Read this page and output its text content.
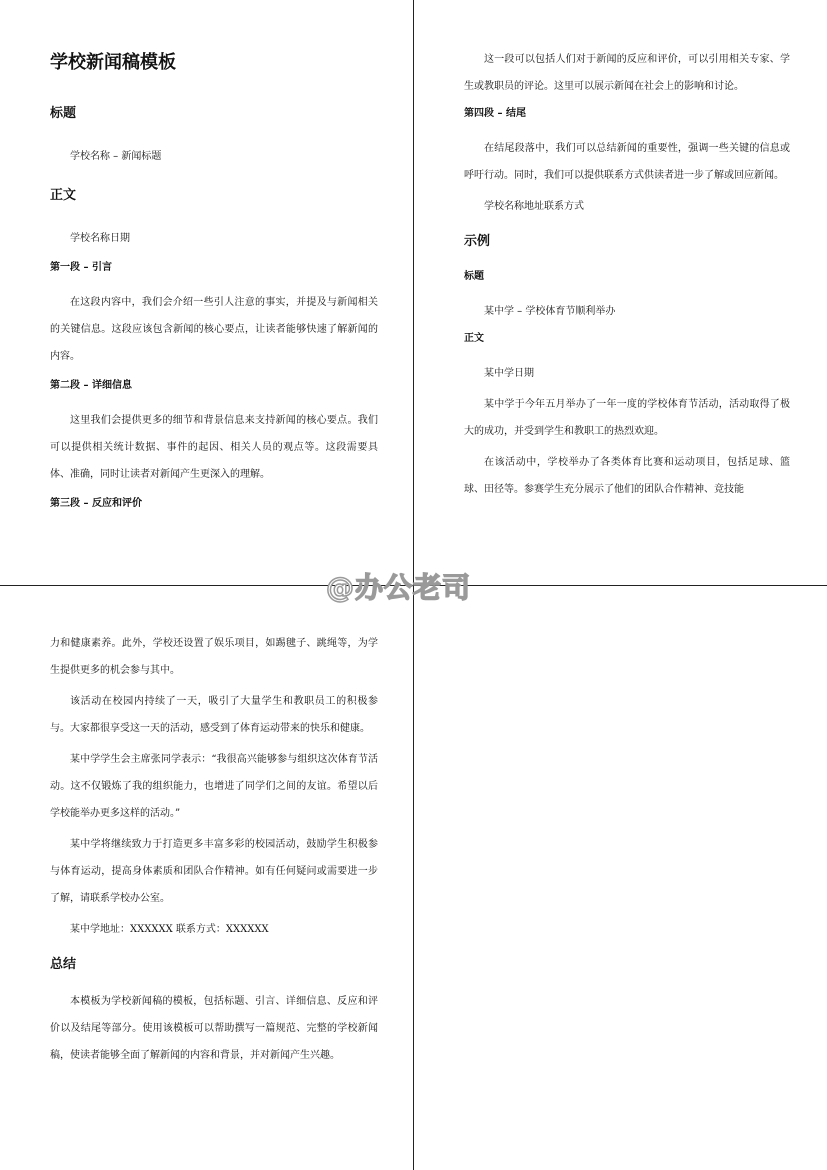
学校新闻稿模板
标题

学校名称 – 新闻标题

正文

学校名称日期

第一段 – 引言

在这段内容中，我们会介绍一些引人注意的事实，并提及与新闻相关的关键信息。这段应该包含新闻的核心要点，让读者能够快速了解新闻的内容。

第二段 – 详细信息

这里我们会提供更多的细节和背景信息来支持新闻的核心要点。我们可以提供相关统计数据、事件的起因、相关人员的观点等。这段需要具体、准确，同时让读者对新闻产生更深入的理解。

第三段 – 反应和评价

这一段可以包括人们对于新闻的反应和评价，可以引用相关专家、学生或教职员的评论。这里可以展示新闻在社会上的影响和讨论。

第四段 – 结尾

在结尾段落中，我们可以总结新闻的重要性，强调一些关键的信息或呼吁行动。同时，我们可以提供联系方式供读者进一步了解或回应新闻。

学校名称地址联系方式

示例
标题

某中学 – 学校体育节顺利举办

正文

某中学日期

某中学于今年五月举办了一年一度的学校体育节活动，活动取得了极大的成功，并受到学生和教职工的热烈欢迎。

在该活动中，学校举办了各类体育比赛和运动项目，包括足球、篮球、田径等。参赛学生充分展示了他们的团队合作精神、竞技能

力和健康素养。此外，学校还设置了娱乐项目，如踢毽子、跳绳等，为学生提供更多的机会参与其中。

该活动在校园内持续了一天，吸引了大量学生和教职员工的积极参与。大家都很享受这一天的活动，感受到了体育运动带来的快乐和健康。

某中学学生会主席张同学表示：“我很高兴能够参与组织这次体育节活动。这不仅锻炼了我的组织能力，也增进了同学们之间的友谊。希望以后学校能举办更多这样的活动。”

某中学将继续致力于打造更多丰富多彩的校园活动，鼓励学生积极参与体育运动，提高身体素质和团队合作精神。如有任何疑问或需要进一步了解，请联系学校办公室。

某中学地址：XXXXXX 联系方式：XXXXXX

总结

本模板为学校新闻稿的模板，包括标题、引言、详细信息、反应和评价以及结尾等部分。使用该模板可以帮助撰写一篇规范、完整的学校新闻稿，使读者能够全面了解新闻的内容和背景，并对新闻产生兴趣。

@办公老司
